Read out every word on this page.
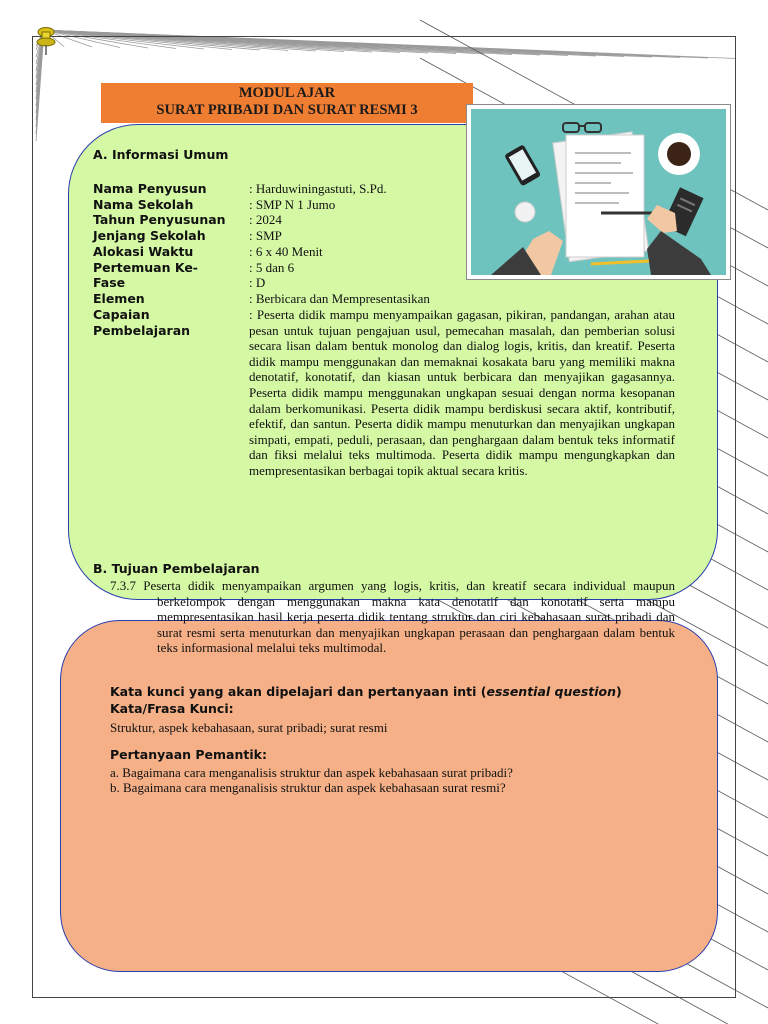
MODUL AJAR
SURAT PRIBADI DAN SURAT RESMI 3
A. Informasi Umum
Nama Penyusun	: Harduwiningastuti, S.Pd.
Nama Sekolah	: SMP N 1 Jumo
Tahun Penyusunan : 2024
Jenjang Sekolah	: SMP
Alokasi Waktu	: 6 x 40 Menit
Pertemuan Ke-	: 5 dan 6
Fase	: D
Elemen	: Berbicara dan Mempresentasikan
Capaian Pembelajaran
: Peserta didik mampu menyampaikan gagasan, pikiran, pandangan, arahan atau pesan untuk tujuan pengajuan usul, pemecahan masalah, dan pemberian solusi secara lisan dalam bentuk monolog dan dialog logis, kritis, dan kreatif. Peserta didik mampu menggunakan dan memaknai kosakata baru yang memiliki makna denotatif, konotatif, dan kiasan untuk berbicara dan menyajikan gagasannya. Peserta didik mampu menggunakan ungkapan sesuai dengan norma kesopanan dalam berkomunikasi. Peserta didik mampu berdiskusi secara aktif, kontributif, efektif, dan santun. Peserta didik mampu menuturkan dan menyajikan ungkapan simpati, empati, peduli, perasaan, dan penghargaan dalam bentuk teks informatif dan fiksi melalui teks multimoda. Peserta didik mampu mengungkapkan dan mempresentasikan berbagai topik aktual secara kritis.
B. Tujuan Pembelajaran
7.3.7 Peserta didik menyampaikan argumen yang logis, kritis, dan kreatif secara individual maupun berkelompok dengan menggunakan makna kata denotatif dan konotatif serta mampu mempresentasikan hasil kerja peserta didik tentang struktur dan ciri kebahasaan surat pribadi dan surat resmi serta menuturkan dan menyajikan ungkapan perasaan dan penghargaan dalam bentuk teks informasional melalui teks multimodal.
Kata kunci yang akan dipelajari dan pertanyaan inti (essential question)
Kata/Frasa Kunci:
Struktur, aspek kebahasaan, surat pribadi; surat resmi
Pertanyaan Pemantik:
a. Bagaimana cara menganalisis struktur dan aspek kebahasaan surat pribadi?
b. Bagaimana cara menganalisis struktur dan aspek kebahasaan surat resmi?
